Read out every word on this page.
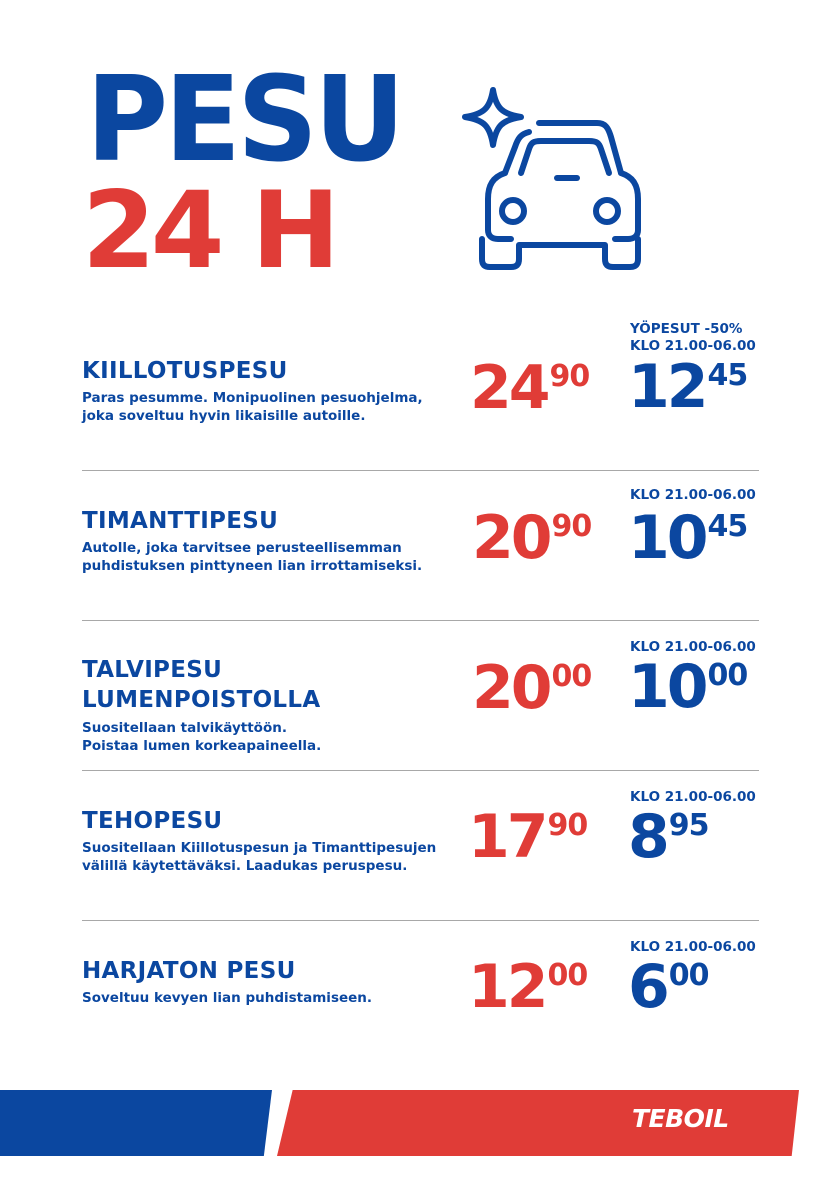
PESU
24 H
KIILLOTUSPESU
Paras pesumme. Monipuolinen pesuohjelma,
joka soveltuu hyvin likaisille autoille.	2490
YÖPESUT -50%
KLO 21.00-06.00
1245
TIMANTTIPESU
Autolle, joka tarvitsee perusteellisemman
puhdistuksen pinttyneen lian irrottamiseksi. 2090
KLO 21.00-06.00
1045
TALVIPESU
LUMENPOISTOLLA
Suositellaan talvikäyttöön.
Poistaa lumen korkeapaineella.
2000
KLO 21.00-06.00
1000
TEHOPESU
Suositellaan Kiillotuspesun ja Timanttipesujen
välillä käytettäväksi. Laadukas peruspesu.	1790
KLO 21.00-06.00
895
HARJATON PESU
Soveltuu kevyen lian puhdistamiseen. 1200
KLO 21.00-06.00
600
TEBOIL
